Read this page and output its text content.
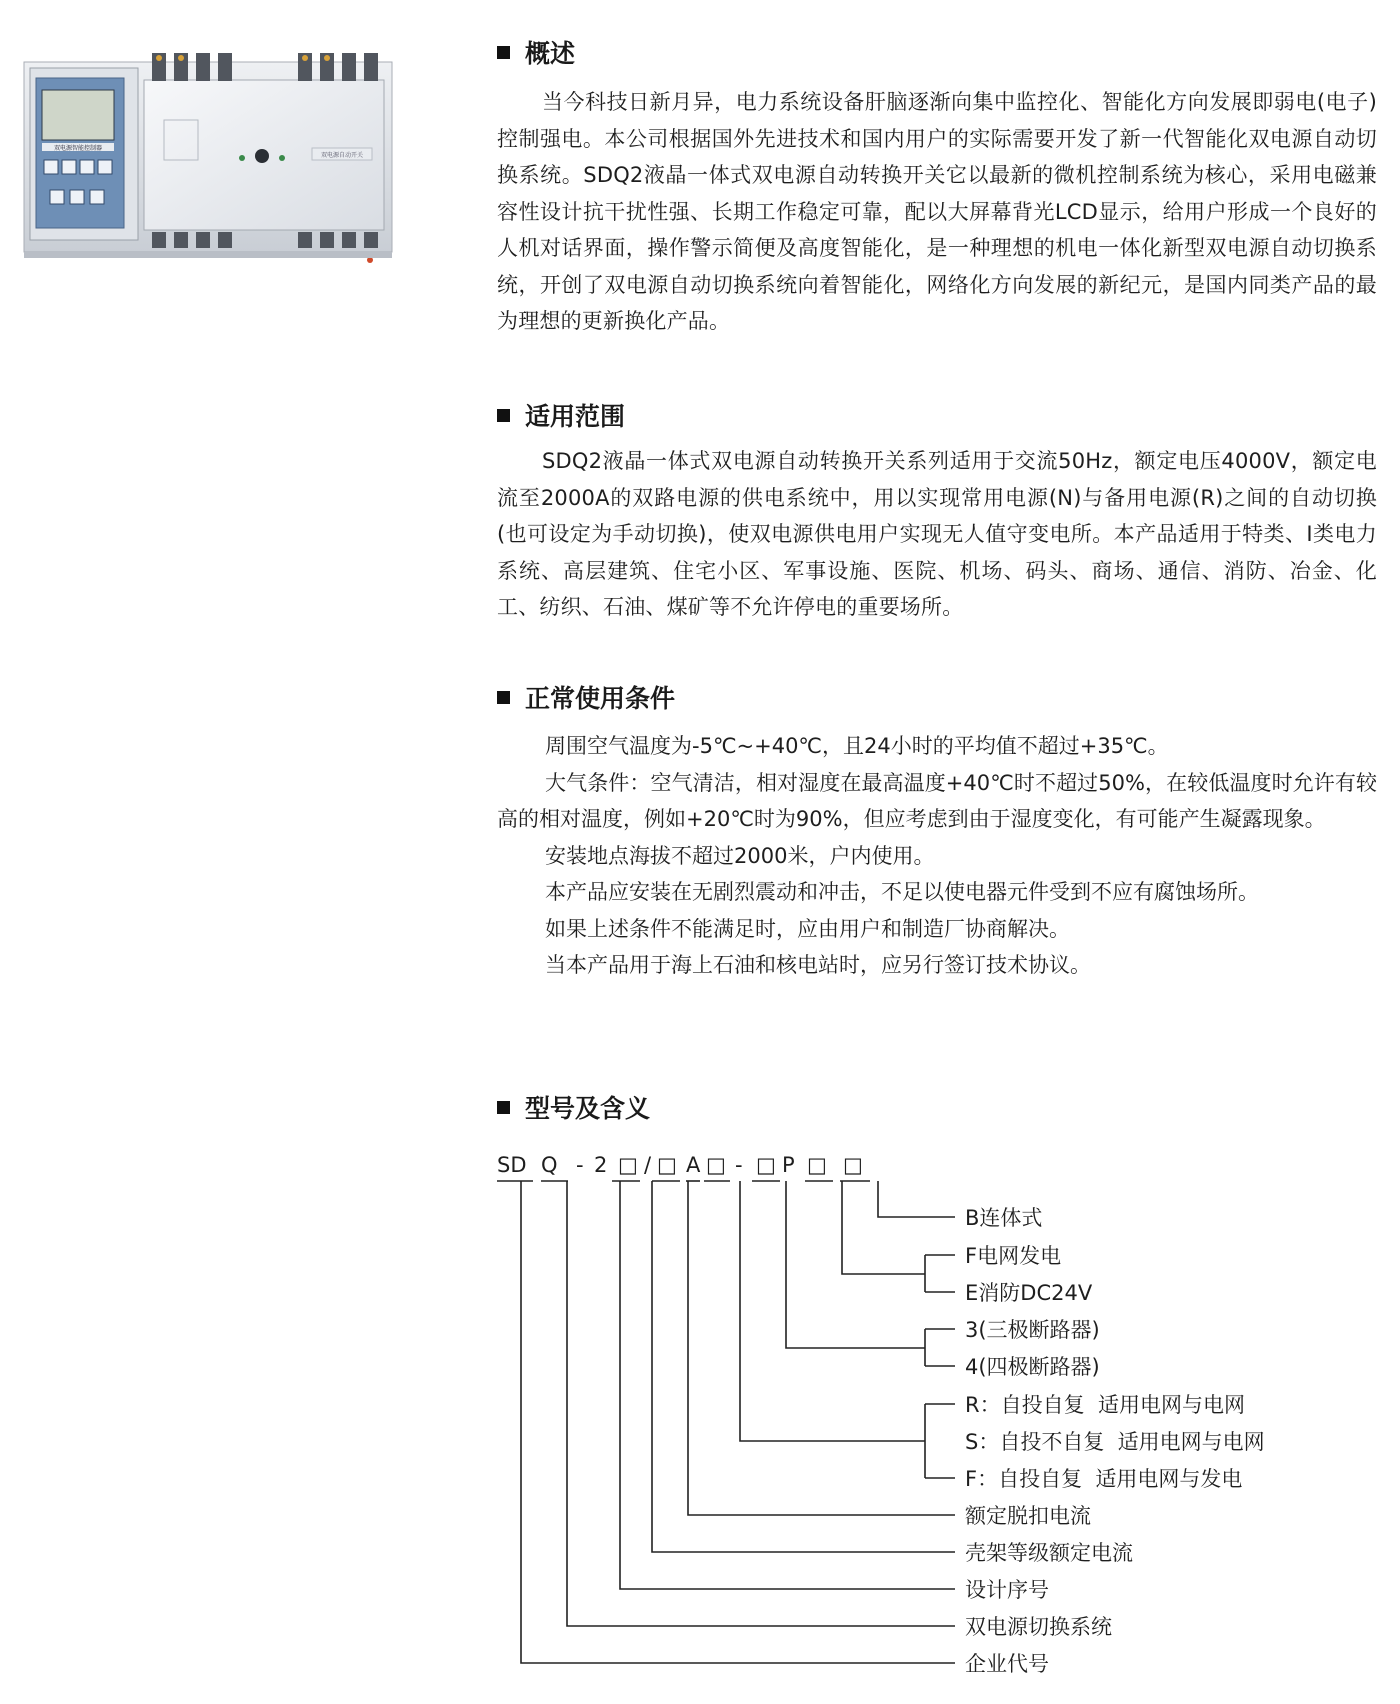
双电源智能控制器
双电源自动开关
概述
当今科技日新月异，电力系统设备肝脑逐渐向集中监控化、智能化方向发展即弱电(电子)控制强电。本公司根据国外先进技术和国内用户的实际需要开发了新一代智能化双电源自动切换系统。SDQ2液晶一体式双电源自动转换开关它以最新的微机控制系统为核心，采用电磁兼容性设计抗干扰性强、长期工作稳定可靠，配以大屏幕背光LCD显示，给用户形成一个良好的人机对话界面，操作警示简便及高度智能化，是一种理想的机电一体化新型双电源自动切换系统，开创了双电源自动切换系统向着智能化，网络化方向发展的新纪元，是国内同类产品的最为理想的更新换化产品。
适用范围
SDQ2液晶一体式双电源自动转换开关系列适用于交流50Hz，额定电压4000V，额定电流至2000A的双路电源的供电系统中，用以实现常用电源(N)与备用电源(R)之间的自动切换(也可设定为手动切换)，使双电源供电用户实现无人值守变电所。本产品适用于特类、I类电力系统、高层建筑、住宅小区、军事设施、医院、机场、码头、商场、通信、消防、冶金、化工、纺织、石油、煤矿等不允许停电的重要场所。
正常使用条件
周围空气温度为-5℃~+40℃，且24小时的平均值不超过+35℃。
大气条件：空气清洁，相对湿度在最高温度+40℃时不超过50%，在较低温度时允许有较高的相对温度，例如+20℃时为90%，但应考虑到由于湿度变化，有可能产生凝露现象。
安装地点海拔不超过2000米，户内使用。
本产品应安装在无剧烈震动和冲击，不足以使电器元件受到不应有腐蚀场所。
如果上述条件不能满足时，应由用户和制造厂协商解决。
当本产品用于海上石油和核电站时，应另行签订技术协议。
型号及含义
SD Q - 2 □ / □ A □ - □ P □ □
B连体式
F电网发电
E消防DC24V
3(三极断路器)
4(四极断路器)
R：自投自复  适用电网与电网
S：自投不自复  适用电网与电网
F：自投自复  适用电网与发电
额定脱扣电流
壳架等级额定电流
设计序号
双电源切换系统
企业代号
